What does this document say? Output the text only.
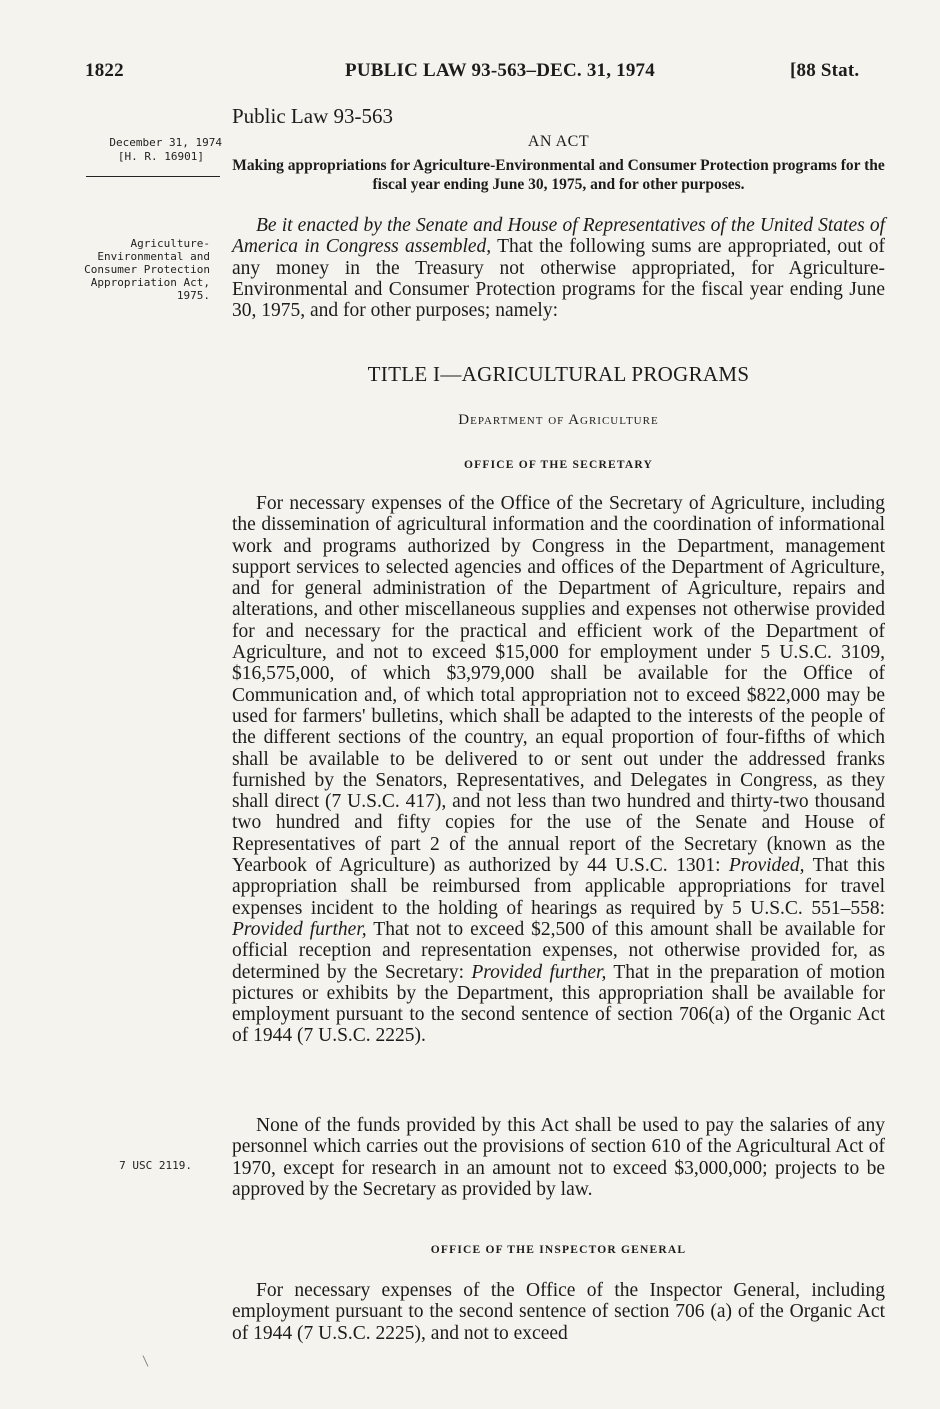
1822	PUBLIC LAW 93-563–DEC. 31, 1974	[88 Stat.
Public Law 93-563
December 31, 1974
[H. R. 16901]
AN ACT
Making appropriations for Agriculture-Environmental and Consumer Protection programs for the fiscal year ending June 30, 1975, and for other purposes.
Agriculture-Environmental and Consumer Protection Appropriation Act, 1975.
Be it enacted by the Senate and House of Representatives of the United States of America in Congress assembled, That the following sums are appropriated, out of any money in the Treasury not otherwise appropriated, for Agriculture-Environmental and Consumer Protection programs for the fiscal year ending June 30, 1975, and for other purposes; namely:
TITLE I—AGRICULTURAL PROGRAMS
Department of Agriculture
OFFICE OF THE SECRETARY
For necessary expenses of the Office of the Secretary of Agriculture, including the dissemination of agricultural information and the coordination of informational work and programs authorized by Congress in the Department, management support services to selected agencies and offices of the Department of Agriculture, and for general administration of the Department of Agriculture, repairs and alterations, and other miscellaneous supplies and expenses not otherwise provided for and necessary for the practical and efficient work of the Department of Agriculture, and not to exceed $15,000 for employment under 5 U.S.C. 3109, $16,575,000, of which $3,979,000 shall be available for the Office of Communication and, of which total appropriation not to exceed $822,000 may be used for farmers' bulletins, which shall be adapted to the interests of the people of the different sections of the country, an equal proportion of four-fifths of which shall be available to be delivered to or sent out under the addressed franks furnished by the Senators, Representatives, and Delegates in Congress, as they shall direct (7 U.S.C. 417), and not less than two hundred and thirty-two thousand two hundred and fifty copies for the use of the Senate and House of Representatives of part 2 of the annual report of the Secretary (known as the Yearbook of Agriculture) as authorized by 44 U.S.C. 1301: Provided, That this appropriation shall be reimbursed from applicable appropriations for travel expenses incident to the holding of hearings as required by 5 U.S.C. 551–558: Provided further, That not to exceed $2,500 of this amount shall be available for official reception and representation expenses, not otherwise provided for, as determined by the Secretary: Provided further, That in the preparation of motion pictures or exhibits by the Department, this appropriation shall be available for employment pursuant to the second sentence of section 706(a) of the Organic Act of 1944 (7 U.S.C. 2225).
None of the funds provided by this Act shall be used to pay the salaries of any personnel which carries out the provisions of section 610 of the Agricultural Act of 1970, except for research in an amount not to exceed $3,000,000; projects to be approved by the Secretary as provided by law.
7 USC 2119.
OFFICE OF THE INSPECTOR GENERAL
For necessary expenses of the Office of the Inspector General, including employment pursuant to the second sentence of section 706 (a) of the Organic Act of 1944 (7 U.S.C. 2225), and not to exceed
